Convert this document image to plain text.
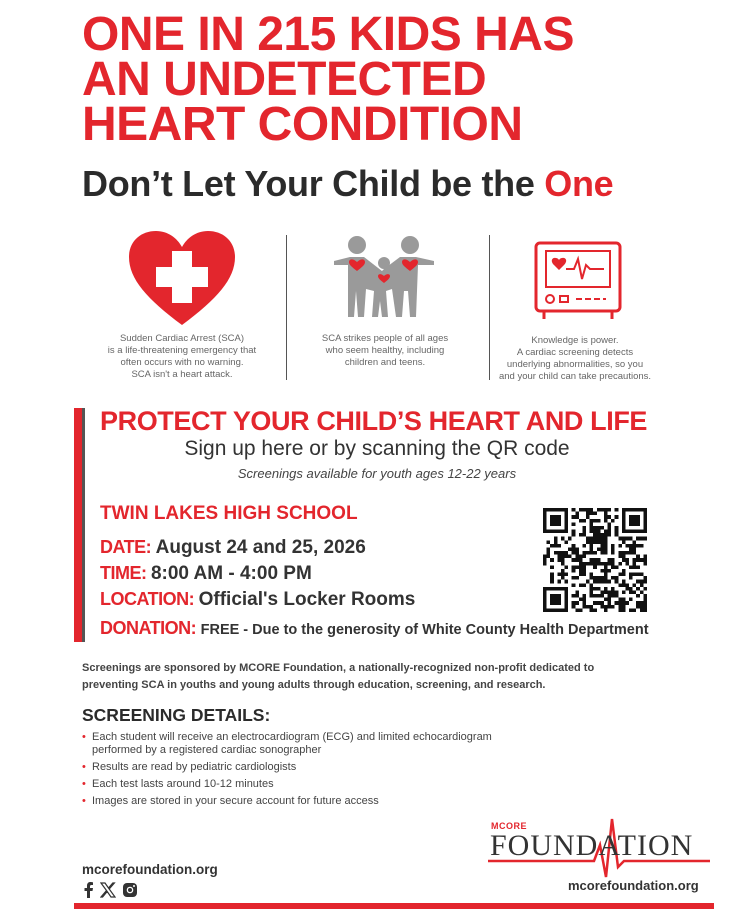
ONE IN 215 KIDS HAS
AN UNDETECTED
HEART CONDITION
Don’t Let Your Child be the One
Sudden Cardiac Arrest (SCA)
is a life-threatening emergency that
often occurs with no warning.
SCA isn't a heart attack.
SCA strikes people of all ages
who seem healthy, including
children and teens.
Knowledge is power.
A cardiac screening detects
underlying abnormalities, so you
and your child can take precautions.
PROTECT YOUR CHILD’S HEART AND LIFE
Sign up here or by scanning the QR code
Screenings available for youth ages 12-22 years
TWIN LAKES HIGH SCHOOL
DATE: August 24 and 25, 2026
TIME: 8:00 AM - 4:00 PM
LOCATION: Official's Locker Rooms
DONATION: FREE - Due to the generosity of White County Health Department
Screenings are sponsored by MCORE Foundation, a nationally-recognized non-profit dedicated to preventing SCA in youths and young adults through education, screening, and research.
SCREENING DETAILS:
• Each student will receive an electrocardiogram (ECG) and limited echocardiogram performed by a registered cardiac sonographer
• Results are read by pediatric cardiologists
• Each test lasts around 10-12 minutes
• Images are stored in your secure account for future access
mcorefoundation.org
MCORE
FOUNDATION
mcorefoundation.org
